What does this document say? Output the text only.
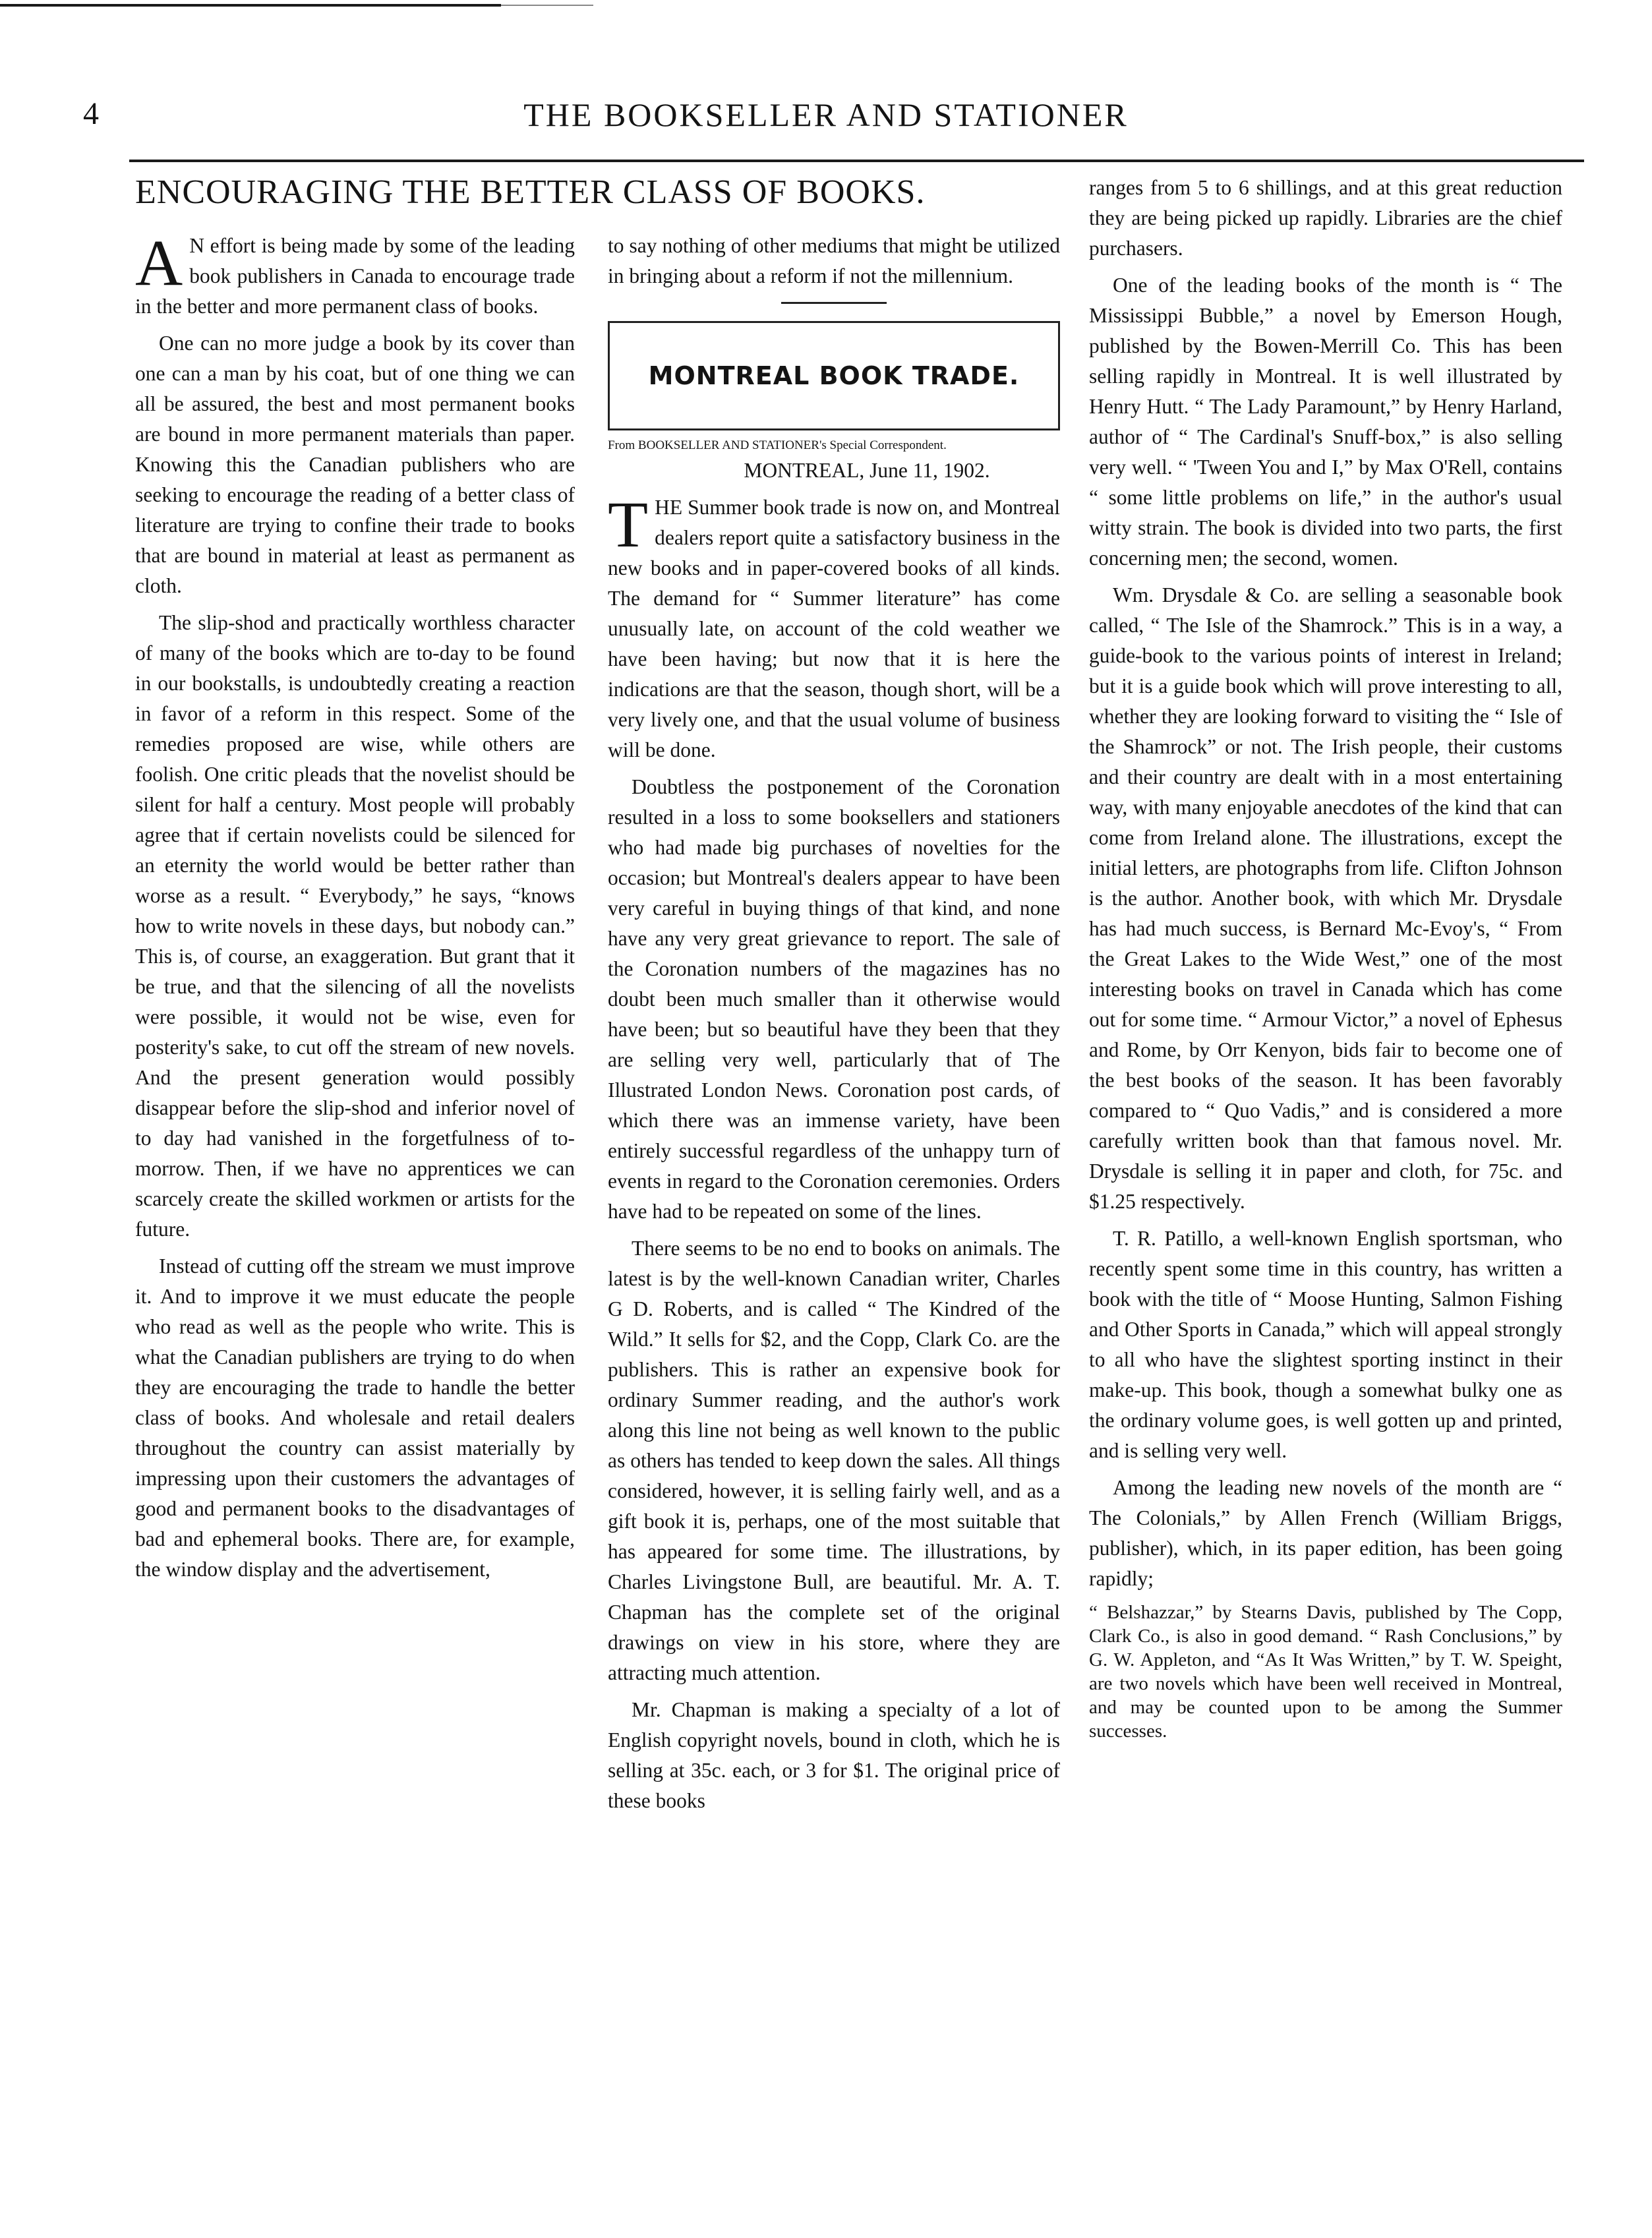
4	THE BOOKSELLER AND STATIONER
ENCOURAGING THE BETTER CLASS OF BOOKS.

A N effort is being made by some of the leading book publishers in Canada to encourage trade in the better and more permanent class of books.

One can no more judge a book by its cover than one can a man by his coat, but of one thing we can all be assured, the best and most permanent books are bound in more permanent materials than paper. Knowing this the Canadian publishers who are seeking to encourage the reading of a better class of literature are trying to confine their trade to books that are bound in material at least as permanent as cloth.

The slip-shod and practically worthless character of many of the books which are to-day to be found in our bookstalls, is undoubtedly creating a reaction in favor of a reform in this respect. Some of the remedies proposed are wise, while others are foolish. One critic pleads that the novelist should be silent for half a century. Most people will probably agree that if certain novelists could be silenced for an eternity the world would be better rather than worse as a result. “ Everybody,” he says, “knows how to write novels in these days, but nobody can.” This is, of course, an exaggeration. But grant that it be true, and that the silencing of all the novelists were possible, it would not be wise, even for posterity's sake, to cut off the stream of new novels. And the present generation would possibly disappear before the slip-shod and inferior novel of to day had vanished in the forgetfulness of to-morrow. Then, if we have no apprentices we can scarcely create the skilled workmen or artists for the future.

Instead of cutting off the stream we must improve it. And to improve it we must educate the people who read as well as the people who write. This is what the Canadian publishers are trying to do when they are encouraging the trade to handle the better class of books. And wholesale and retail dealers throughout the country can assist materially by impressing upon their customers the advantages of good and permanent books to the disadvantages of bad and ephemeral books. There are, for example, the window display and the advertisement,

to say nothing of other mediums that might be utilized in bringing about a reform if not the millennium.

MONTREAL BOOK TRADE.

From BOOKSELLER AND STATIONER's Special Correspondent.

MONTREAL, June 11, 1902.

THE Summer book trade is now on, and Montreal dealers report quite a satisfactory business in the new books and in paper-covered books of all kinds. The demand for “ Summer literature” has come unusually late, on account of the cold weather we have been having; but now that it is here the indications are that the season, though short, will be a very lively one, and that the usual volume of business will be done.

Doubtless the postponement of the Coronation resulted in a loss to some booksellers and stationers who had made big purchases of novelties for the occasion; but Montreal's dealers appear to have been very careful in buying things of that kind, and none have any very great grievance to report. The sale of the Coronation numbers of the magazines has no doubt been much smaller than it otherwise would have been; but so beautiful have they been that they are selling very well, particularly that of The Illustrated London News. Coronation post cards, of which there was an immense variety, have been entirely successful regardless of the unhappy turn of events in regard to the Coronation ceremonies. Orders have had to be repeated on some of the lines.

There seems to be no end to books on animals. The latest is by the well-known Canadian writer, Charles G D. Roberts, and is called “ The Kindred of the Wild.” It sells for $2, and the Copp, Clark Co. are the publishers. This is rather an expensive book for ordinary Summer reading, and the author's work along this line not being as well known to the public as others has tended to keep down the sales. All things considered, however, it is selling fairly well, and as a gift book it is, perhaps, one of the most suitable that has appeared for some time. The illustrations, by Charles Livingstone Bull, are beautiful. Mr. A. T. Chapman has the complete set of the original drawings on view in his store, where they are attracting much attention.

Mr. Chapman is making a specialty of a lot of English copyright novels, bound in cloth, which he is selling at 35c. each, or 3 for $1. The original price of these books

ranges from 5 to 6 shillings, and at this great reduction they are being picked up rapidly. Libraries are the chief purchasers.

One of the leading books of the month is “ The Mississippi Bubble,” a novel by Emerson Hough, published by the Bowen-Merrill Co. This has been selling rapidly in Montreal. It is well illustrated by Henry Hutt. “ The Lady Paramount,” by Henry Harland, author of “ The Cardinal's Snuff-box,” is also selling very well. “ 'Tween You and I,” by Max O'Rell, contains “ some little problems on life,” in the author's usual witty strain. The book is divided into two parts, the first concerning men; the second, women.

Wm. Drysdale & Co. are selling a seasonable book called, “ The Isle of the Shamrock.” This is in a way, a guide-book to the various points of interest in Ireland; but it is a guide book which will prove interesting to all, whether they are looking forward to visiting the “ Isle of the Shamrock” or not. The Irish people, their customs and their country are dealt with in a most entertaining way, with many enjoyable anecdotes of the kind that can come from Ireland alone. The illustrations, except the initial letters, are photographs from life. Clifton Johnson is the author. Another book, with which Mr. Drysdale has had much success, is Bernard Mc-Evoy's, “ From the Great Lakes to the Wide West,” one of the most interesting books on travel in Canada which has come out for some time. “ Armour Victor,” a novel of Ephesus and Rome, by Orr Kenyon, bids fair to become one of the best books of the season. It has been favorably compared to “ Quo Vadis,” and is considered a more carefully written book than that famous novel. Mr. Drysdale is selling it in paper and cloth, for 75c. and $1.25 respectively.

T. R. Patillo, a well-known English sportsman, who recently spent some time in this country, has written a book with the title of “ Moose Hunting, Salmon Fishing and Other Sports in Canada,” which will appeal strongly to all who have the slightest sporting instinct in their make-up. This book, though a somewhat bulky one as the ordinary volume goes, is well gotten up and printed, and is selling very well.

Among the leading new novels of the month are “ The Colonials,” by Allen French (William Briggs, publisher), which, in its paper edition, has been going rapidly;

“ Belshazzar,” by Stearns Davis, published by The Copp, Clark Co., is also in good demand. “ Rash Conclusions,” by G. W. Appleton, and “As It Was Written,” by T. W. Speight, are two novels which have been well received in Montreal, and may be counted upon to be among the Summer successes.
